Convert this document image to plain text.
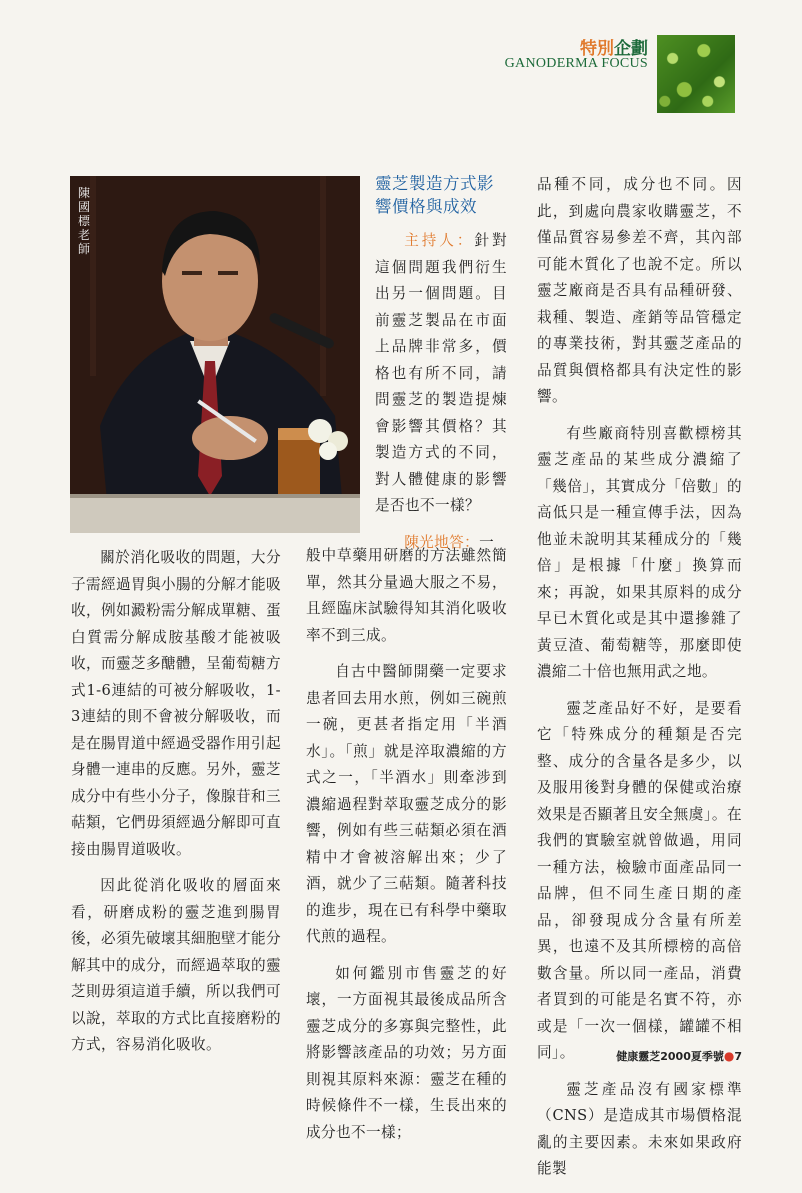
特別企劃
GANODERMA FOCUS
陳國標老師
靈芝製造方式影響價格與成效

主持人：針對這個問題我們衍生出另一個問題。目前靈芝製品在市面上品牌非常多，價格也有所不同，請問靈芝的製造提煉會影響其價格？其製造方式的不同，對人體健康的影響是否也不一樣？

陳光地答：一

關於消化吸收的問題，大分子需經過胃與小腸的分解才能吸收，例如澱粉需分解成單糖、蛋白質需分解成胺基酸才能被吸收，而靈芝多醣體，呈葡萄糖方式1-6連結的可被分解吸收，1-3連結的則不會被分解吸收，而是在腸胃道中經過受器作用引起身體一連串的反應。另外，靈芝成分中有些小分子，像腺苷和三萜類，它們毋須經過分解即可直接由腸胃道吸收。

因此從消化吸收的層面來看，研磨成粉的靈芝進到腸胃後，必須先破壞其細胞壁才能分解其中的成分，而經過萃取的靈芝則毋須這道手續，所以我們可以說，萃取的方式比直接磨粉的方式，容易消化吸收。

般中草藥用研磨的方法雖然簡單，然其分量過大服之不易，且經臨床試驗得知其消化吸收率不到三成。

自古中醫師開藥一定要求患者回去用水煎，例如三碗煎一碗，更甚者指定用「半酒水」。「煎」就是淬取濃縮的方式之一，「半酒水」則牽涉到濃縮過程對萃取靈芝成分的影響，例如有些三萜類必須在酒精中才會被溶解出來；少了酒，就少了三萜類。隨著科技的進步，現在已有科學中藥取代煎的過程。

如何鑑別市售靈芝的好壞，一方面視其最後成品所含靈芝成分的多寡與完整性，此將影響該產品的功效；另方面則視其原料來源：靈芝在種的時候條件不一樣，生長出來的成分也不一樣；

品種不同，成分也不同。因此，到處向農家收購靈芝，不僅品質容易參差不齊，其內部可能木質化了也說不定。所以靈芝廠商是否具有品種研發、栽種、製造、產銷等品管穩定的專業技術，對其靈芝產品的品質與價格都具有決定性的影響。

有些廠商特別喜歡標榜其靈芝產品的某些成分濃縮了「幾倍」，其實成分「倍數」的高低只是一種宣傳手法，因為他並未說明其某種成分的「幾倍」是根據「什麼」換算而來；再說，如果其原料的成分早已木質化或是其中還摻雜了黃豆渣、葡萄糖等，那麼即使濃縮二十倍也無用武之地。

靈芝產品好不好，是要看它「特殊成分的種類是否完整、成分的含量各是多少，以及服用後對身體的保健或治療效果是否顯著且安全無虞」。在我們的實驗室就曾做過，用同一種方法，檢驗市面產品同一品牌，但不同生產日期的產品，卻發現成分含量有所差異，也遠不及其所標榜的高倍數含量。所以同一產品，消費者買到的可能是名實不符，亦或是「一次一個樣，罐罐不相同」。

靈芝產品沒有國家標準（CNS）是造成其市場價格混亂的主要因素。未來如果政府能製

健康靈芝2000夏季號●7
